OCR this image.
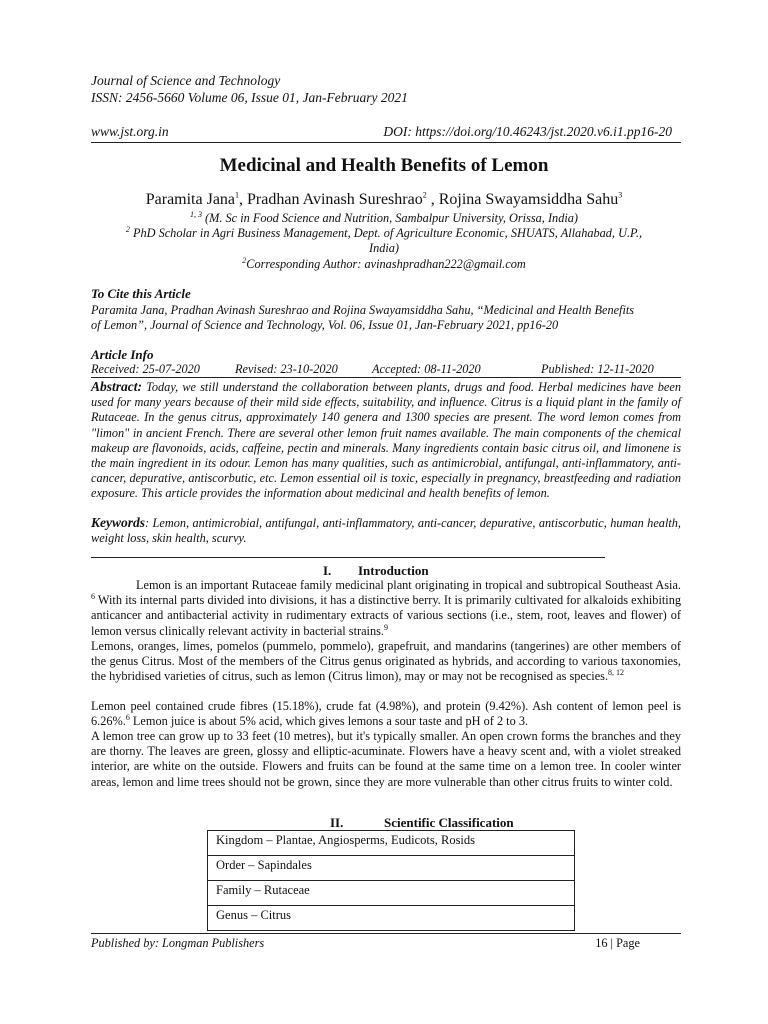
Journal of Science and Technology
ISSN: 2456-5660 Volume 06, Issue 01, Jan-February 2021
www.jst.org.in	DOI: https://doi.org/10.46243/jst.2020.v6.i1.pp16-20
Medicinal and Health Benefits of Lemon
Paramita Jana$^1$, Pradhan Avinash Sureshrao$^2$ , Rojina Swayamsiddha Sahu$^3$
$^{1, 3}$ (M. Sc in Food Science and Nutrition, Sambalpur University, Orissa, India)
$^2$ PhD Scholar in Agri Business Management, Dept. of Agriculture Economic, SHUATS, Allahabad, U.P.,
India)
$^2$Corresponding Author: avinashpradhan222@gmail.com
To Cite this Article
Paramita Jana, Pradhan Avinash Sureshrao and Rojina Swayamsiddha Sahu, “Medicinal and Health Benefits
of Lemon”, Journal of Science and Technology, Vol. 06, Issue 01, Jan-February 2021, pp16-20
Article Info
Received: 25-07-2020	Revised: 23-10-2020	Accepted: 08-11-2020	Published: 12-11-2020
Abstract: Today, we still understand the collaboration between plants, drugs and food. Herbal medicines have been used for many years because of their mild side effects, suitability, and influence. Citrus is a liquid plant in the family of Rutaceae. In the genus citrus, approximately 140 genera and 1300 species are present. The word lemon comes from "limon" in ancient French. There are several other lemon fruit names available. The main components of the chemical makeup are flavonoids, acids, caffeine, pectin and minerals. Many ingredients contain basic citrus oil, and limonene is the main ingredient in its odour. Lemon has many qualities, such as antimicrobial, antifungal, anti-inflammatory, anti-cancer, depurative, antiscorbutic, etc. Lemon essential oil is toxic, especially in pregnancy, breastfeeding and radiation exposure. This article provides the information about medicinal and health benefits of lemon.
Keywords: Lemon, antimicrobial, antifungal, anti-inflammatory, anti-cancer, depurative, antiscorbutic, human health, weight loss, skin health, scurvy.
I. Introduction
Lemon is an important Rutaceae family medicinal plant originating in tropical and subtropical Southeast Asia. $^6$ With its internal parts divided into divisions, it has a distinctive berry. It is primarily cultivated for alkaloids exhibiting anticancer and antibacterial activity in rudimentary extracts of various sections (i.e., stem, root, leaves and flower) of lemon versus clinically relevant activity in bacterial strains.$^9$
Lemons, oranges, limes, pomelos (pummelo, pommelo), grapefruit, and mandarins (tangerines) are other members of the genus Citrus. Most of the members of the Citrus genus originated as hybrids, and according to various taxonomies, the hybridised varieties of citrus, such as lemon (Citrus limon), may or may not be recognised as species.$^{8, 12}$
Lemon peel contained crude fibres (15.18%), crude fat (4.98%), and protein (9.42%). Ash content of lemon peel is 6.26%.$^6$ Lemon juice is about 5% acid, which gives lemons a sour taste and pH of 2 to 3.
A lemon tree can grow up to 33 feet (10 metres), but it's typically smaller. An open crown forms the branches and they are thorny. The leaves are green, glossy and elliptic-acuminate. Flowers have a heavy scent and, with a violet streaked interior, are white on the outside. Flowers and fruits can be found at the same time on a lemon tree. In cooler winter areas, lemon and lime trees should not be grown, since they are more vulnerable than other citrus fruits to winter cold.
II.	Scientific Classification
Kingdom – Plantae, Angiosperms, Eudicots, Rosids
Order – Sapindales
Family – Rutaceae
Genus – Citrus
Published by: Longman Publishers	16 | Page
